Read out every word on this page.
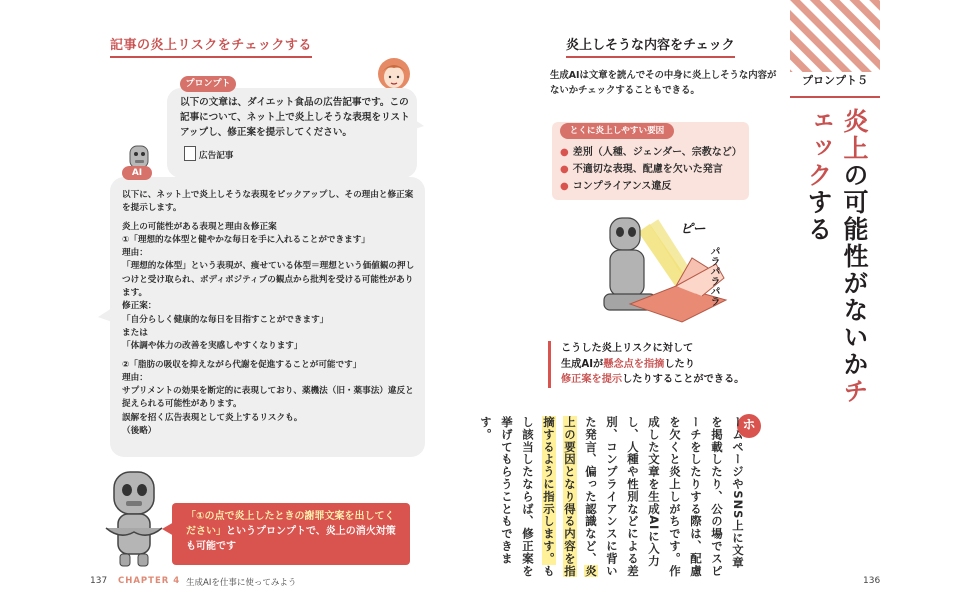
記事の炎上リスクをチェックする
プロンプト
以下の文章は、ダイエット食品の広告記事です。この記事について、ネット上で炎上しそうな表現をリストアップし、修正案を提示してください。
広告記事
AI

以下に、ネット上で炎上しそうな表現をピックアップし、その理由と修正案を提示します。

炎上の可能性がある表現と理由＆修正案

①「理想的な体型と健やかな毎日を手に入れることができます」

理由：

「理想的な体型」という表現が、痩せている体型＝理想という価値観の押しつけと受け取られ、ボディポジティブの観点から批判を受ける可能性があります。

修正案：

「自分らしく健康的な毎日を目指すことができます」

または

「体調や体力の改善を実感しやすくなります」

②「脂肪の吸収を抑えながら代謝を促進することが可能です」

理由：

サプリメントの効果を断定的に表現しており、薬機法（旧・薬事法）違反と捉えられる可能性があります。

誤解を招く広告表現として炎上するリスクも。

（後略）

「①の点で炎上したときの謝罪文案を出してください」というプロンプトで、炎上の消火対策も可能です
137 CHAPTER 4 生成AIを仕事に使ってみよう
炎上しそうな内容をチェック
生成AIは文章を読んでその中身に炎上しそうな内容がないかチェックすることもできる。
とくに炎上しやすい要因
● 差別（人種、ジェンダー、宗教など）
● 不適切な表現、配慮を欠いた発言
● コンプライアンス違反
ピー
パラパラパラ
こうした炎上リスクに対して
生成AIが懸念点を指摘したり
修正案を提示したりすることができる。
ホ
ームページやSNS上に文章を掲載したり、公の場でスピーチをしたりする際は、配慮を欠くと炎上しがちです。作成した文章を生成AIに入力し、人種や性別などによる差別、コンプライアンスに背いた発言、偏った認識など、炎上の要因となり得る内容を指摘するように指示します。もし該当したならば、修正案を挙げてもらうこともできます。
136
プロンプト５
炎上の可能性がないかチェックする
